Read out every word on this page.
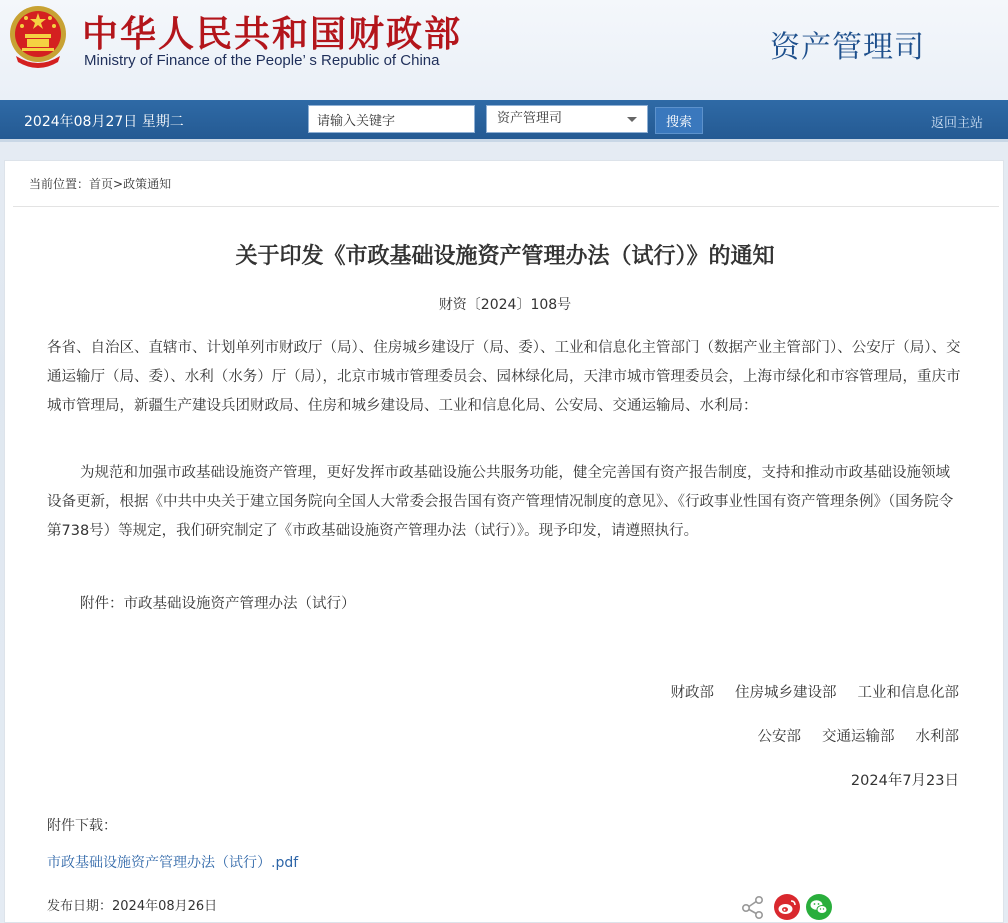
中华人民共和国财政部
Ministry of Finance of the People’ s Republic of China	资产管理司
2024年08月27日 星期二
请输入关键字	资产管理司	搜索	返回主站
当前位置：首页>政策通知
关于印发《市政基础设施资产管理办法（试行）》的通知
财资〔2024〕108号
各省、自治区、直辖市、计划单列市财政厅（局）、住房城乡建设厅（局、委）、工业和信息化主管部门（数据产业主管部门）、公安厅（局）、交通运输厅（局、委）、水利（水务）厅（局），北京市城市管理委员会、园林绿化局，天津市城市管理委员会，上海市绿化和市容管理局，重庆市城市管理局，新疆生产建设兵团财政局、住房和城乡建设局、工业和信息化局、公安局、交通运输局、水利局：
为规范和加强市政基础设施资产管理，更好发挥市政基础设施公共服务功能，健全完善国有资产报告制度，支持和推动市政基础设施领域设备更新，根据《中共中央关于建立国务院向全国人大常委会报告国有资产管理情况制度的意见》、《行政事业性国有资产管理条例》（国务院令第738号）等规定，我们研究制定了《市政基础设施资产管理办法（试行）》。现予印发，请遵照执行。
附件：市政基础设施资产管理办法（试行）
财政部 住房城乡建设部 工业和信息化部
公安部 交通运输部 水利部
2024年7月23日
附件下载：
市政基础设施资产管理办法（试行）.pdf
发布日期：2024年08月26日
